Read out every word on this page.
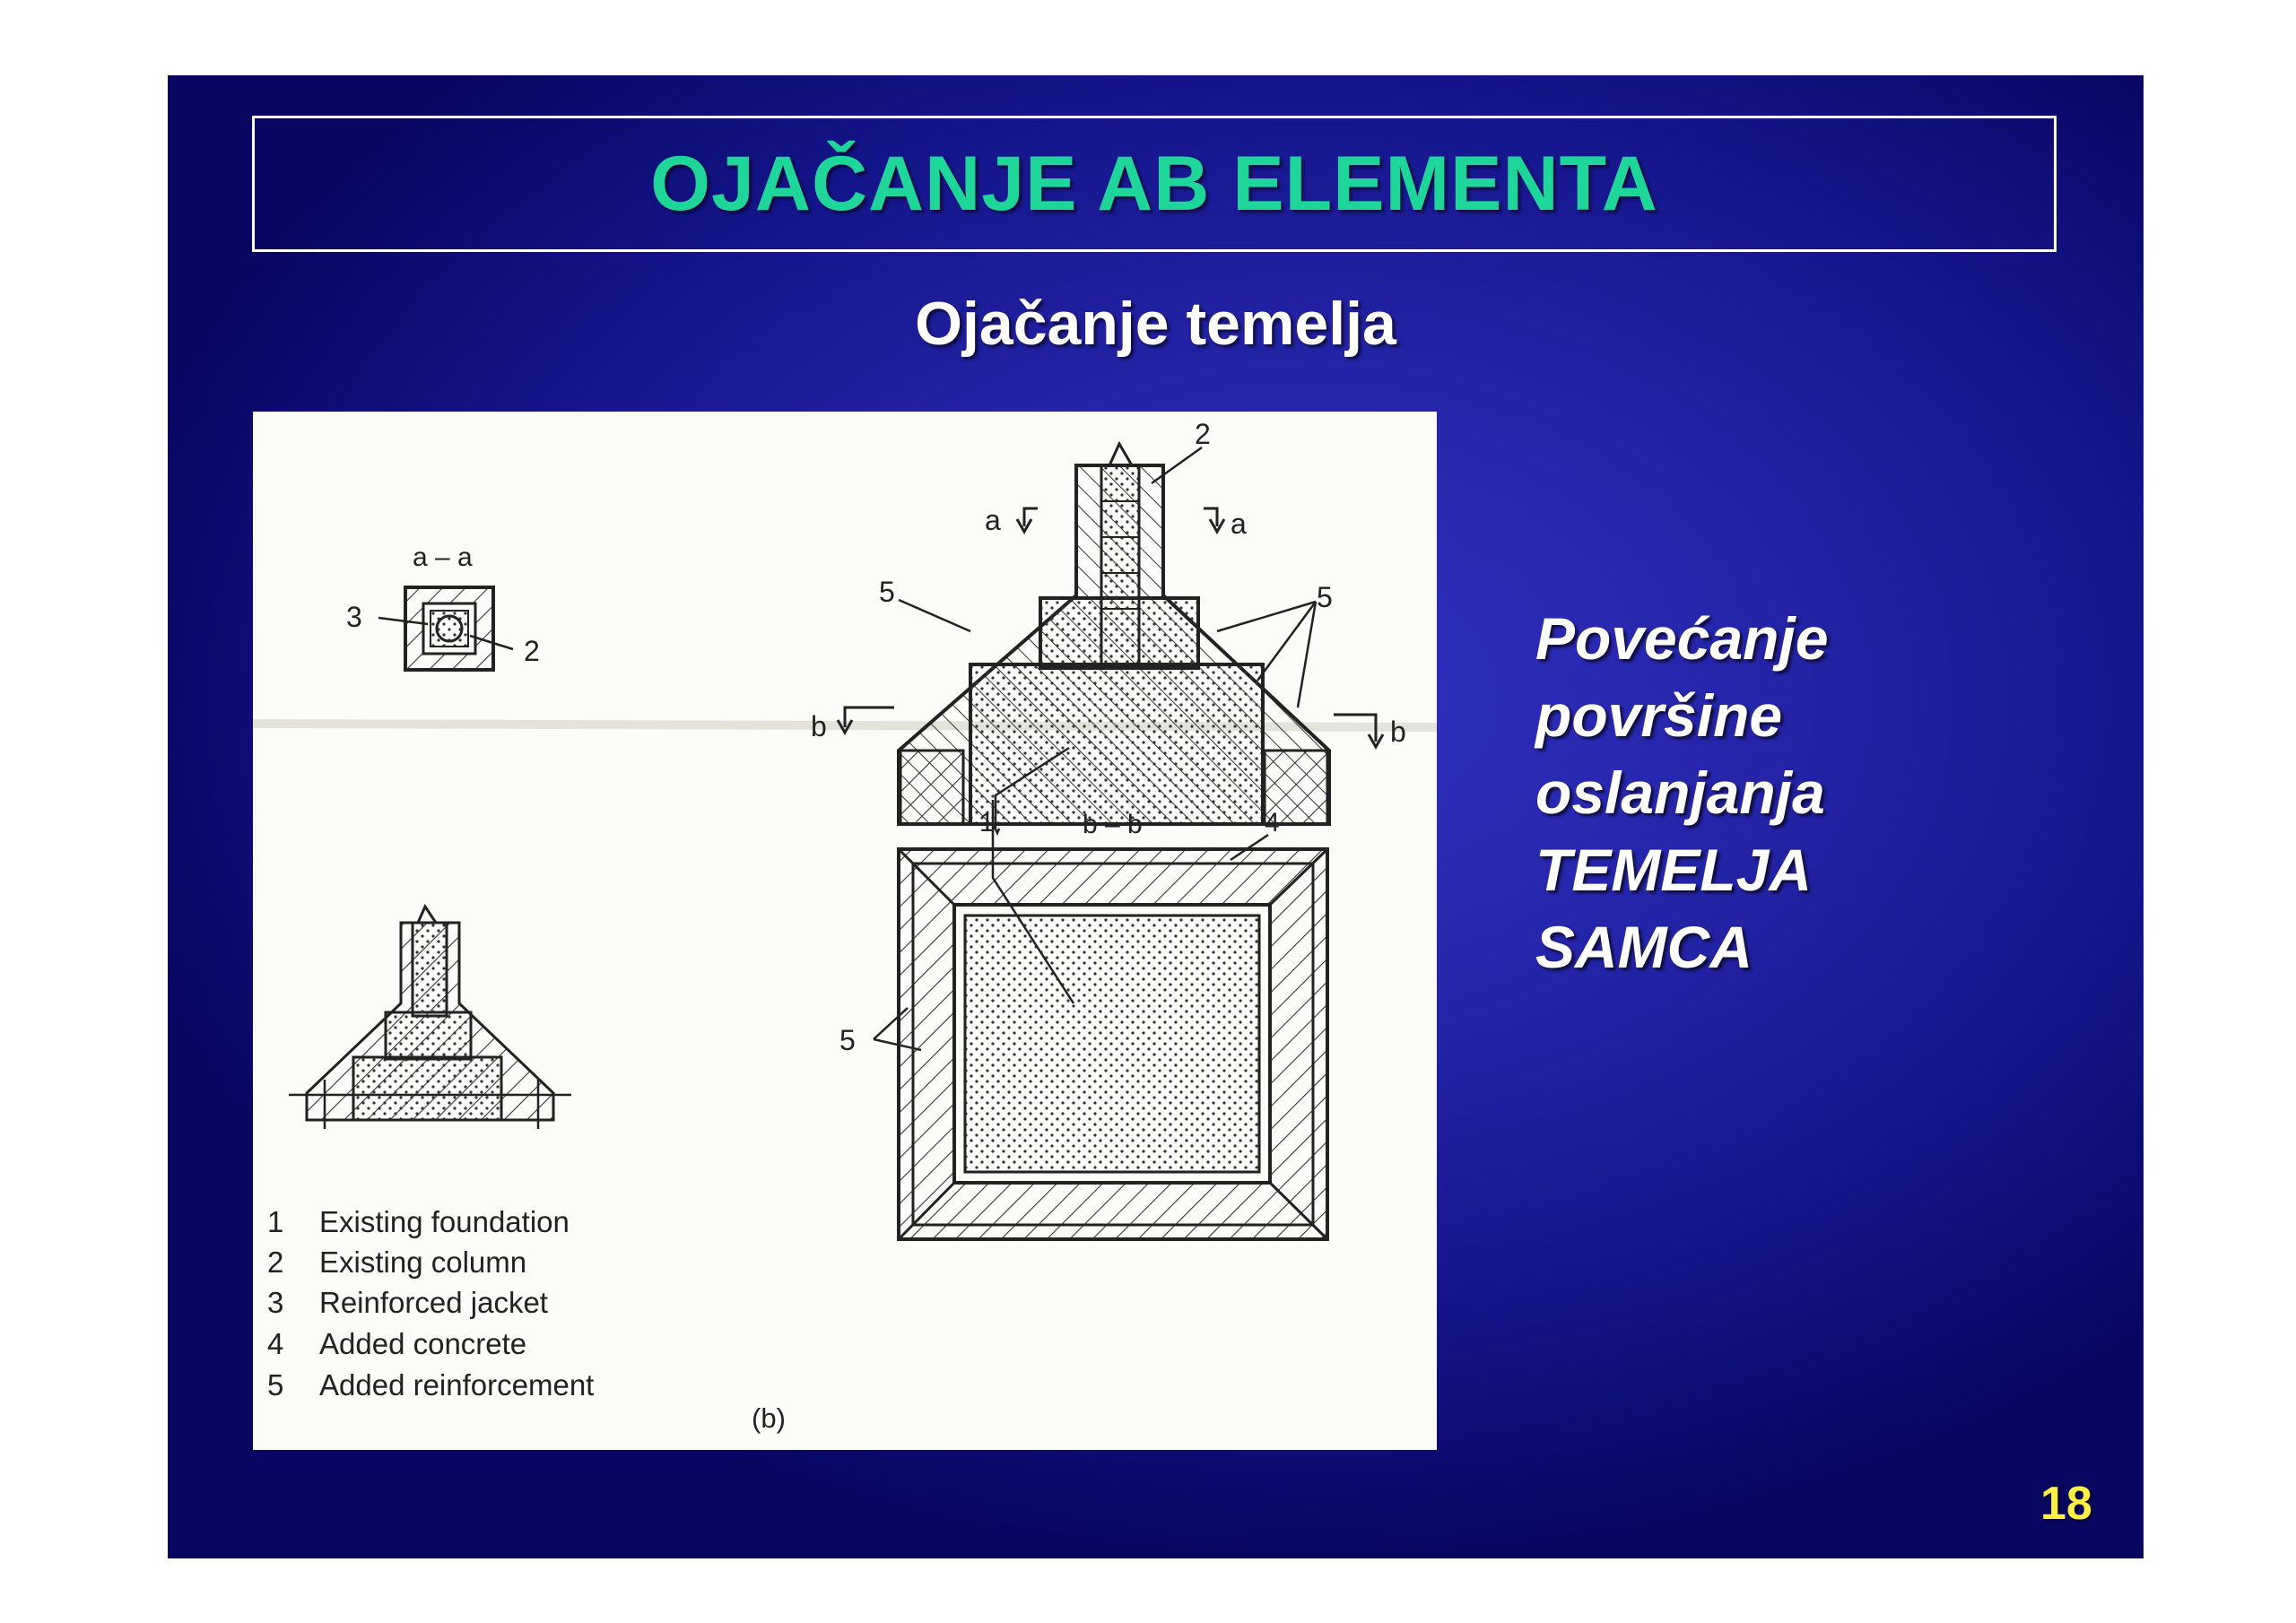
OJAČANJE AB ELEMENTA
Ojačanje temelja
a – a
3
2
2
a	a
5	5
b	b
1	b – b	4
5
1 Existing foundation
2 Existing column
3 Reinforced jacket
4 Added concrete
5 Added reinforcement
(b)
Povećanje
površine
oslanjanja
TEMELJA
SAMCA
18
